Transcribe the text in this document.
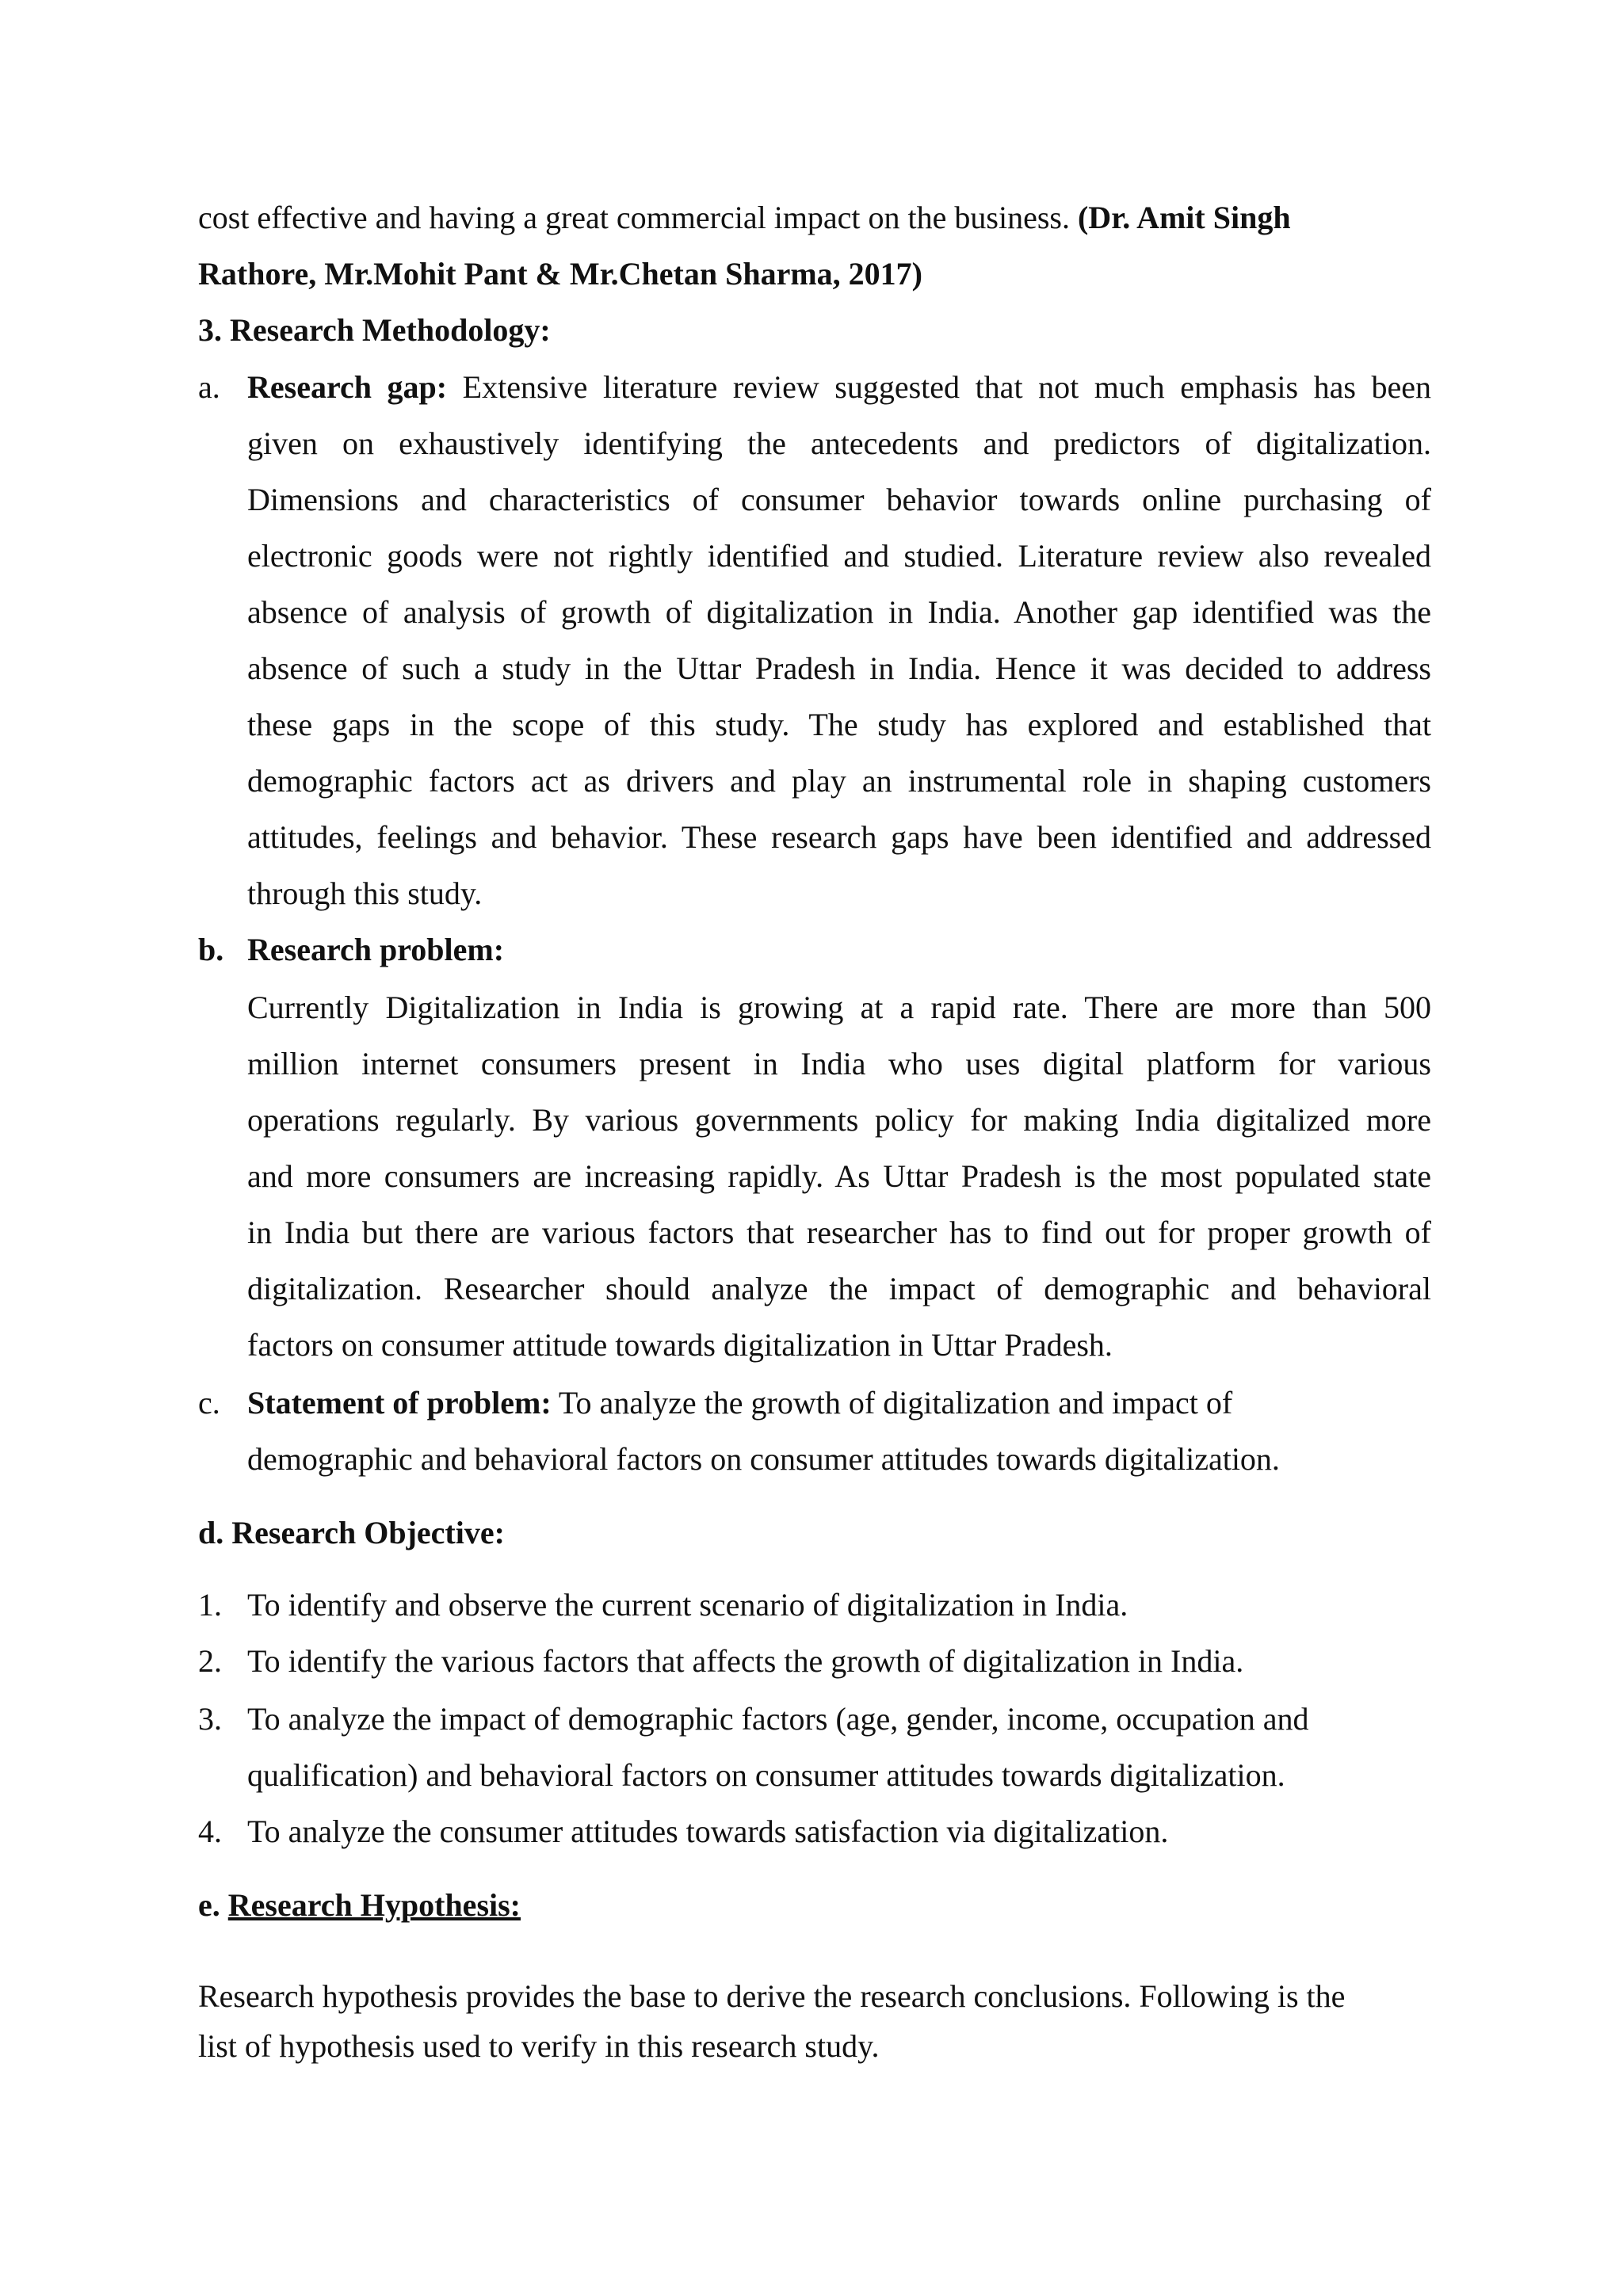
cost effective and having a great commercial impact on the business. (Dr. Amit Singh
Rathore, Mr.Mohit Pant & Mr.Chetan Sharma, 2017)
3. Research Methodology:
a. Research gap: Extensive literature review suggested that not much emphasis has been
given on exhaustively identifying the antecedents and predictors of digitalization.
Dimensions and characteristics of consumer behavior towards online purchasing of
electronic goods were not rightly identified and studied. Literature review also revealed
absence of analysis of growth of digitalization in India. Another gap identified was the
absence of such a study in the Uttar Pradesh in India. Hence it was decided to address
these gaps in the scope of this study. The study has explored and established that
demographic factors act as drivers and play an instrumental role in shaping customers
attitudes, feelings and behavior. These research gaps have been identified and addressed
through this study.
b. Research problem:
Currently Digitalization in India is growing at a rapid rate. There are more than 500
million internet consumers present in India who uses digital platform for various
operations regularly. By various governments policy for making India digitalized more
and more consumers are increasing rapidly. As Uttar Pradesh is the most populated state
in India but there are various factors that researcher has to find out for proper growth of
digitalization. Researcher should analyze the impact of demographic and behavioral
factors on consumer attitude towards digitalization in Uttar Pradesh.
c. Statement of problem: To analyze the growth of digitalization and impact of
demographic and behavioral factors on consumer attitudes towards digitalization.
d. Research Objective:
1. To identify and observe the current scenario of digitalization in India.
2. To identify the various factors that affects the growth of digitalization in India.
3. To analyze the impact of demographic factors (age, gender, income, occupation and
qualification) and behavioral factors on consumer attitudes towards digitalization.
4. To analyze the consumer attitudes towards satisfaction via digitalization.
e. Research Hypothesis:
Research hypothesis provides the base to derive the research conclusions. Following is the
list of hypothesis used to verify in this research study.
